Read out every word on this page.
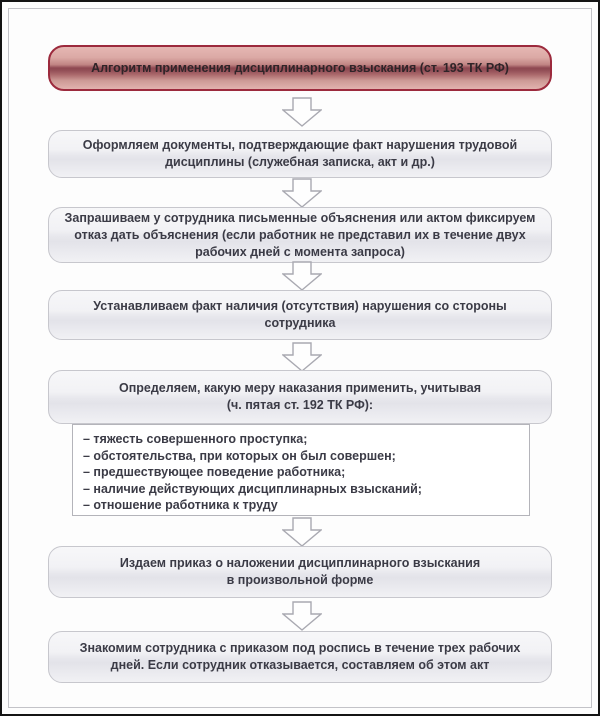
Алгоритм применения дисциплинарного взыскания (ст. 193 ТК РФ)
Оформляем документы, подтверждающие факт нарушения трудовой
дисциплины (служебная записка, акт и др.)
Запрашиваем у сотрудника письменные объяснения или актом фиксируем
отказ дать объяснения (если работник не представил их в течение двух
рабочих дней с момента запроса)
Устанавливаем факт наличия (отсутствия) нарушения со стороны
сотрудника
Определяем, какую меру наказания применить, учитывая
(ч. пятая ст. 192 ТК РФ):
– тяжесть совершенного проступка;
– обстоятельства, при которых он был совершен;
– предшествующее поведение работника;
– наличие действующих дисциплинарных взысканий;
– отношение работника к труду
Издаем приказ о наложении дисциплинарного взыскания
в произвольной форме
Знакомим сотрудника с приказом под роспись в течение трех рабочих
дней. Если сотрудник отказывается, составляем об этом акт
